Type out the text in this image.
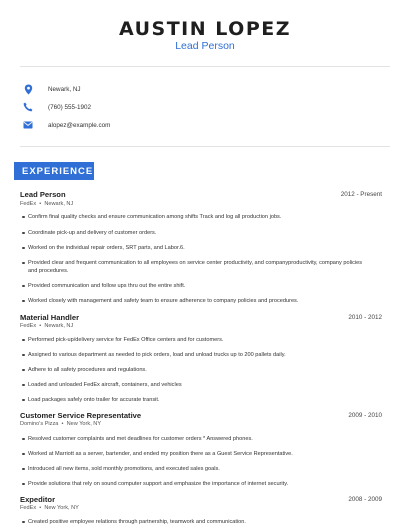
AUSTIN LOPEZ
Lead Person
Newark, NJ
(760) 555-1902
alopez@example.com
EXPERIENCE
Lead Person	2012 - Present
FedEx  •  Newark, NJ
Confirm final quality checks and ensure communication among shifts Track and log all production jobs.
Coordinate pick-up and delivery of customer orders.
Worked on the individual repair orders, SRT parts, and Labor.6.
Provided clear and frequent communication to all employees on service center productivity, and companyproductivity, company policies and procedures.
Provided communication and follow ups thru out the entire shift.
Worked closely with management and safety team to ensure adherence to company policies and procedures.
Material Handler	2010 - 2012
FedEx  •  Newark, NJ
Performed pick-up/delivery service for FedEx Office centers and for customers.
Assigned to various department as needed to pick orders, load and unload trucks up to 200 pallets daily.
Adhere to all safety procedures and regulations.
Loaded and unloaded FedEx aircraft, containers, and vehicles
Load packages safely onto trailer for accurate transit.
Customer Service Representative	2009 - 2010
Domino's Pizza  •  New York, NY
Resolved customer complaints and met deadlines for customer orders * Answered phones.
Worked at Marriott as a server, bartender, and ended my position there as a Guest Service Representative.
Introduced all new items, sold monthly promotions, and executed sales goals.
Provide solutions that rely on sound computer support and emphasize the importance of internet security.
Expeditor	2008 - 2009
FedEx  •  New York, NY
Created positive employee relations through partnership, teamwork and communication.
